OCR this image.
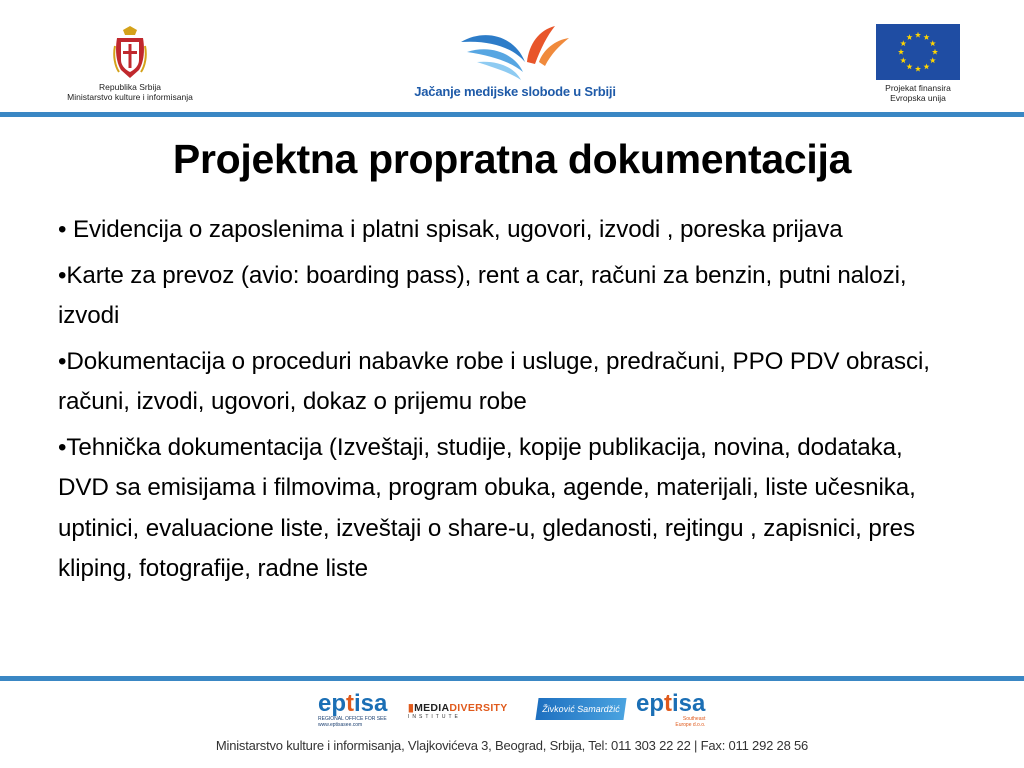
Republika Srbija
Ministarstvo kulture i informisanja	Jačanje medijske slobode u Srbiji	Projekat finansira
Evropska unija
Projektna propratna dokumentacija

• Evidencija o zaposlenima i platni spisak, ugovori, izvodi , poreska prijava

•Karte za prevoz (avio: boarding pass), rent a car, računi za benzin, putni nalozi, izvodi

•Dokumentacija o proceduri nabavke robe i usluge, predračuni, PPO PDV obrasci, računi, izvodi, ugovori, dokaz o prijemu robe

•Tehnička dokumentacija (Izveštaji, studije, kopije publikacija, novina, dodataka, DVD sa emisijama i filmovima, program obuka, agende, materijali, liste učesnika, uptinici, evaluacione liste, izveštaji o share-u, gledanosti, rejtingu , zapisnici, pres kliping, fotografije, radne liste

eptisa
REGIONAL OFFICE FOR SEE
www.eptisasee.com
▮MEDIADIVERSITY
INSTITUTE
Živković Samardžić eptisa
Southeast
Europe d.o.o.
Ministarstvo kulture i informisanja, Vlajkovićeva 3, Beograd, Srbija, Tel: 011 303 22 22 | Fax: 011 292 28 56
